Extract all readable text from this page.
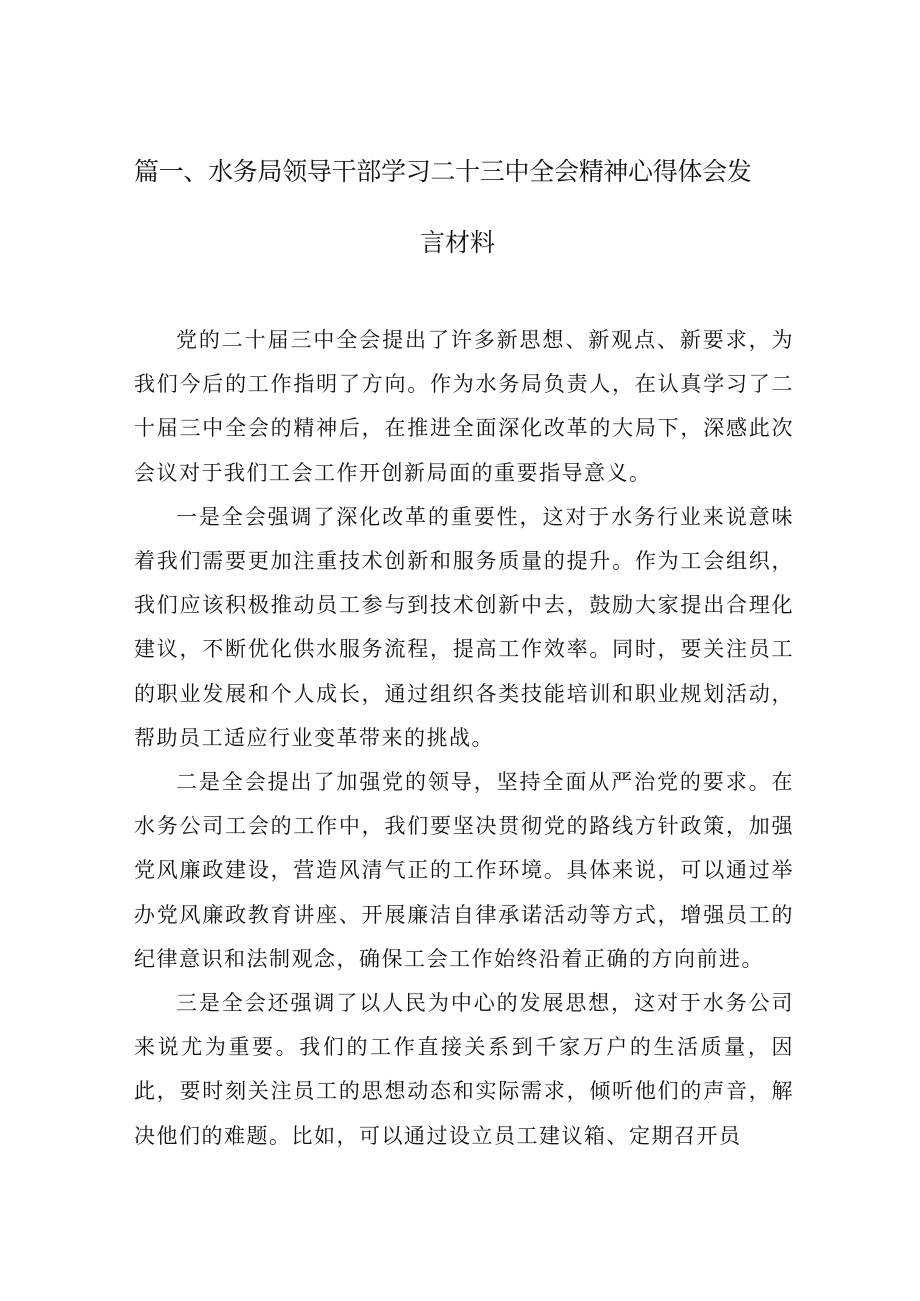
篇一、水务局领导干部学习二十三中全会精神心得体会发
言材料

党的二十届三中全会提出了许多新思想、新观点、新要求，为我们今后的工作指明了方向。作为水务局负责人，在认真学习了二十届三中全会的精神后，在推进全面深化改革的大局下，深感此次会议对于我们工会工作开创新局面的重要指导意义。

一是全会强调了深化改革的重要性，这对于水务行业来说意味着我们需要更加注重技术创新和服务质量的提升。作为工会组织，我们应该积极推动员工参与到技术创新中去，鼓励大家提出合理化建议，不断优化供水服务流程，提高工作效率。同时，要关注员工的职业发展和个人成长，通过组织各类技能培训和职业规划活动，帮助员工适应行业变革带来的挑战。

二是全会提出了加强党的领导，坚持全面从严治党的要求。在水务公司工会的工作中，我们要坚决贯彻党的路线方针政策，加强党风廉政建设，营造风清气正的工作环境。具体来说，可以通过举办党风廉政教育讲座、开展廉洁自律承诺活动等方式，增强员工的纪律意识和法制观念，确保工会工作始终沿着正确的方向前进。

三是全会还强调了以人民为中心的发展思想，这对于水务公司来说尤为重要。我们的工作直接关系到千家万户的生活质量，因此，要时刻关注员工的思想动态和实际需求，倾听他们的声音，解决他们的难题。比如，可以通过设立员工建议箱、定期召开员
